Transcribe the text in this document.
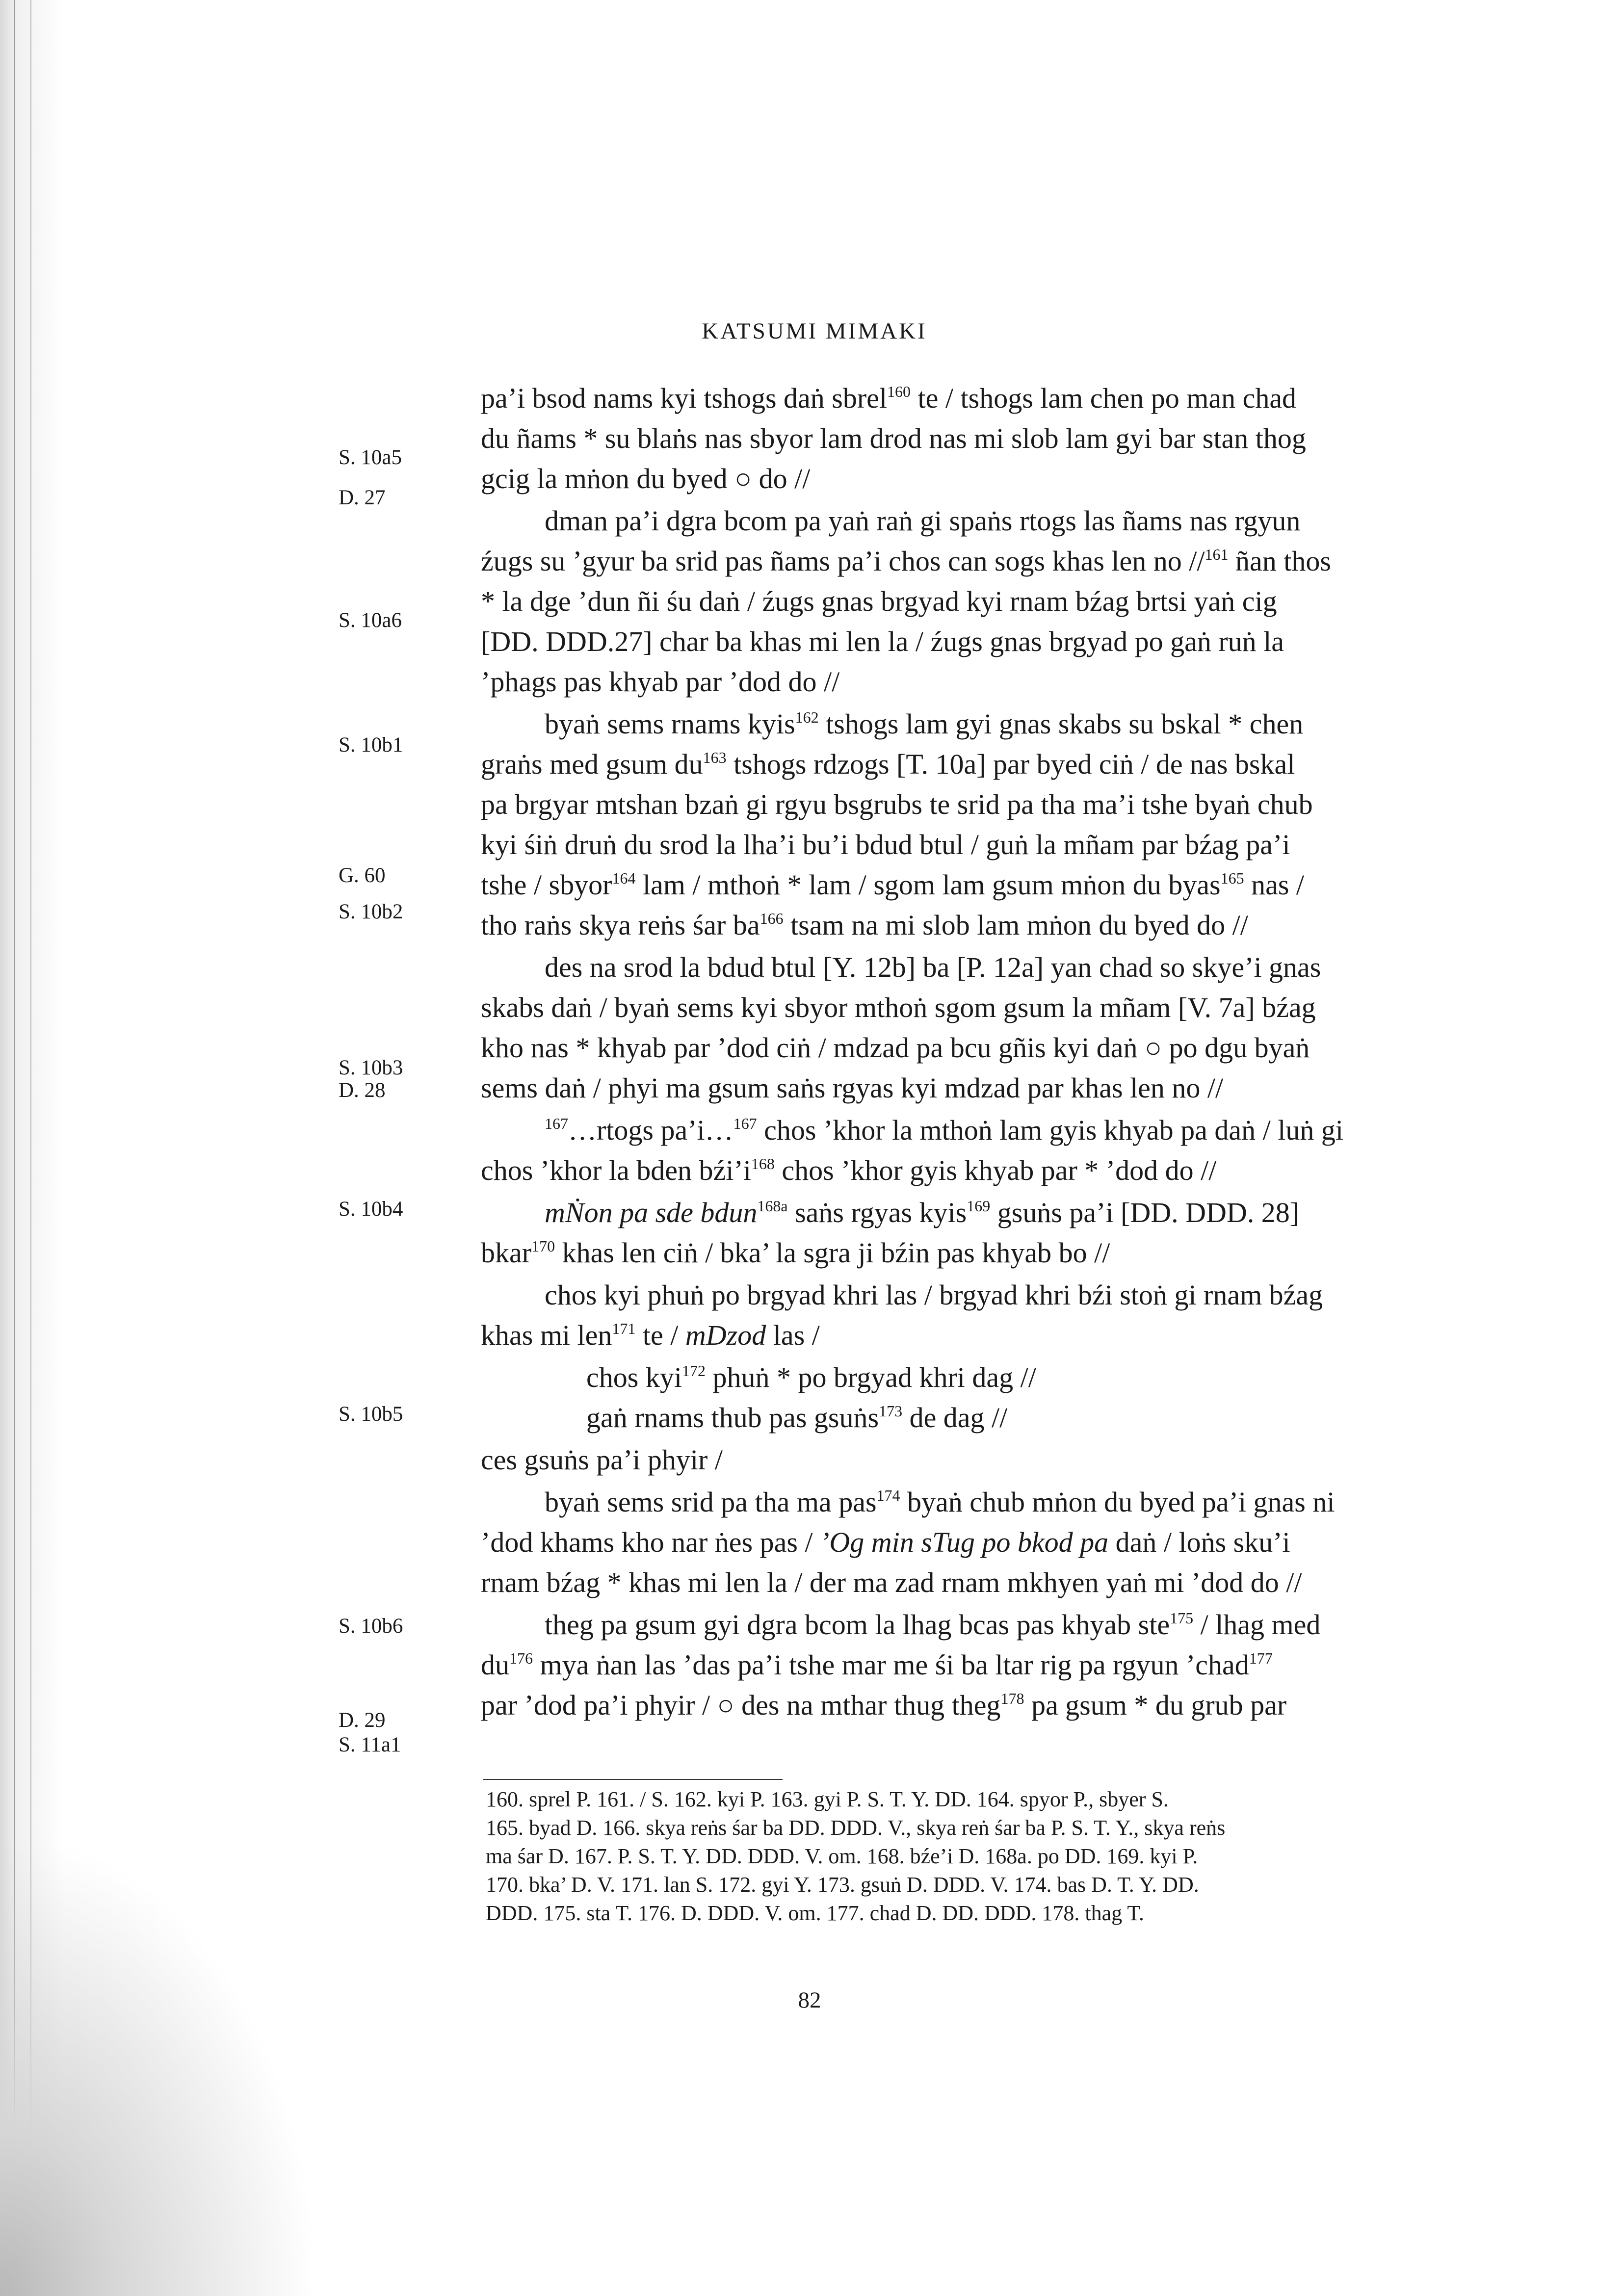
KATSUMI MIMAKI
S. 10a5
D. 27
S. 10a6
S. 10b1
G. 60
S. 10b2
S. 10b3
D. 28
S. 10b4
S. 10b5
S. 10b6
D. 29
S. 11a1
pa’i bsod nams kyi tshogs daṅ sbrel$^{160}$ te / tshogs lam chen po man chad
du ñams * su blaṅs nas sbyor lam drod nas mi slob lam gyi bar stan thog
gcig la mṅon du byed ○ do //
dman pa’i dgra bcom pa yaṅ raṅ gi spaṅs rtogs las ñams nas rgyun
źugs su ’gyur ba srid pas ñams pa’i chos can sogs khas len no //$^{161}$ ñan thos
* la dge ’dun ñi śu daṅ / źugs gnas brgyad kyi rnam bźag brtsi yaṅ cig
[DD. DDD.27] char ba khas mi len la / źugs gnas brgyad po gaṅ ruṅ la
’phags pas khyab par ’dod do //
byaṅ sems rnams kyis$^{162}$ tshogs lam gyi gnas skabs su bskal * chen
graṅs med gsum $du^{163}$ tshogs rdzogs [T. 10a] par byed ciṅ / de nas bskal
pa brgyar mtshan bzaṅ gi rgyu bsgrubs te srid pa tha ma’i tshe byaṅ chub
kyi śiṅ druṅ du srod la lha’i bu’i bdud btul / guṅ la mñam par bźag pa’i
tshe / sbyor$^{164}$ lam / mthoṅ * lam / sgom lam gsum mṅon du byas$^{165}$ nas /
tho raṅs skya reṅs śar $ba^{166}$ tsam na mi slob lam mṅon du byed do //
des na srod la bdud btul [Y. 12b] ba [P. 12a] yan chad so skye’i gnas
skabs daṅ / byaṅ sems kyi sbyor mthoṅ sgom gsum la mñam [V. 7a] bźag
kho nas * khyab par ’dod ciṅ / mdzad pa bcu gñis kyi daṅ ○ po dgu byaṅ
sems daṅ / phyi ma gsum saṅs rgyas kyi mdzad par khas len no //
$^{167}$…rtogs pa’i…$^{167}$ chos ’khor la mthoṅ lam gyis khyab pa daṅ / luṅ gi
chos ’khor la bden $bźi’i^{168}$ chos ’khor gyis khyab par * ’dod do //
mṄon pa sde bdun$^{168a}$ saṅs rgyas kyis$^{169}$ gsuṅs pa’i [DD. DDD. 28]
bkar$^{170}$ khas len ciṅ / bka’ la sgra ji bźin pas khyab bo //
chos kyi phuṅ po brgyad khri las / brgyad khri bźi stoṅ gi rnam bźag
khas mi len$^{171}$ te / mDzod las /
chos kyi$^{172}$ phuṅ * po brgyad khri dag //
gaṅ rnams thub pas gsuṅs$^{173}$ de dag //
ces gsuṅs pa’i phyir /
byaṅ sems srid pa tha ma pas$^{174}$ byaṅ chub mṅon du byed pa’i gnas ni
’dod khams kho nar ṅes pas / ’Og min sTug po bkod pa daṅ / loṅs sku’i
rnam bźag * khas mi len la / der ma zad rnam mkhyen yaṅ mi ’dod do //
theg pa gsum gyi dgra bcom la lhag bcas pas khyab ste$^{175}$ / lhag med
$du^{176}$ mya ṅan las ’das pa’i tshe mar me śi ba ltar rig pa rgyun ’chad$^{177}$
par ’dod pa’i phyir / ○ des na mthar thug theg$^{178}$ pa gsum * du grub par
160. sprel P. 161. / S. 162. kyi P. 163. gyi P. S. T. Y. DD. 164. spyor P., sbyer S.
165. byad D. 166. skya reṅs śar ba DD. DDD. V., skya reṅ śar ba P. S. T. Y., skya reṅs
ma śar D. 167. P. S. T. Y. DD. DDD. V. om. 168. bźe’i D. 168a. po DD. 169. kyi P.
170. bka’ D. V. 171. lan S. 172. gyi Y. 173. gsuṅ D. DDD. V. 174. bas D. T. Y. DD.
DDD. 175. sta T. 176. D. DDD. V. om. 177. chad D. DD. DDD. 178. thag T.
82
